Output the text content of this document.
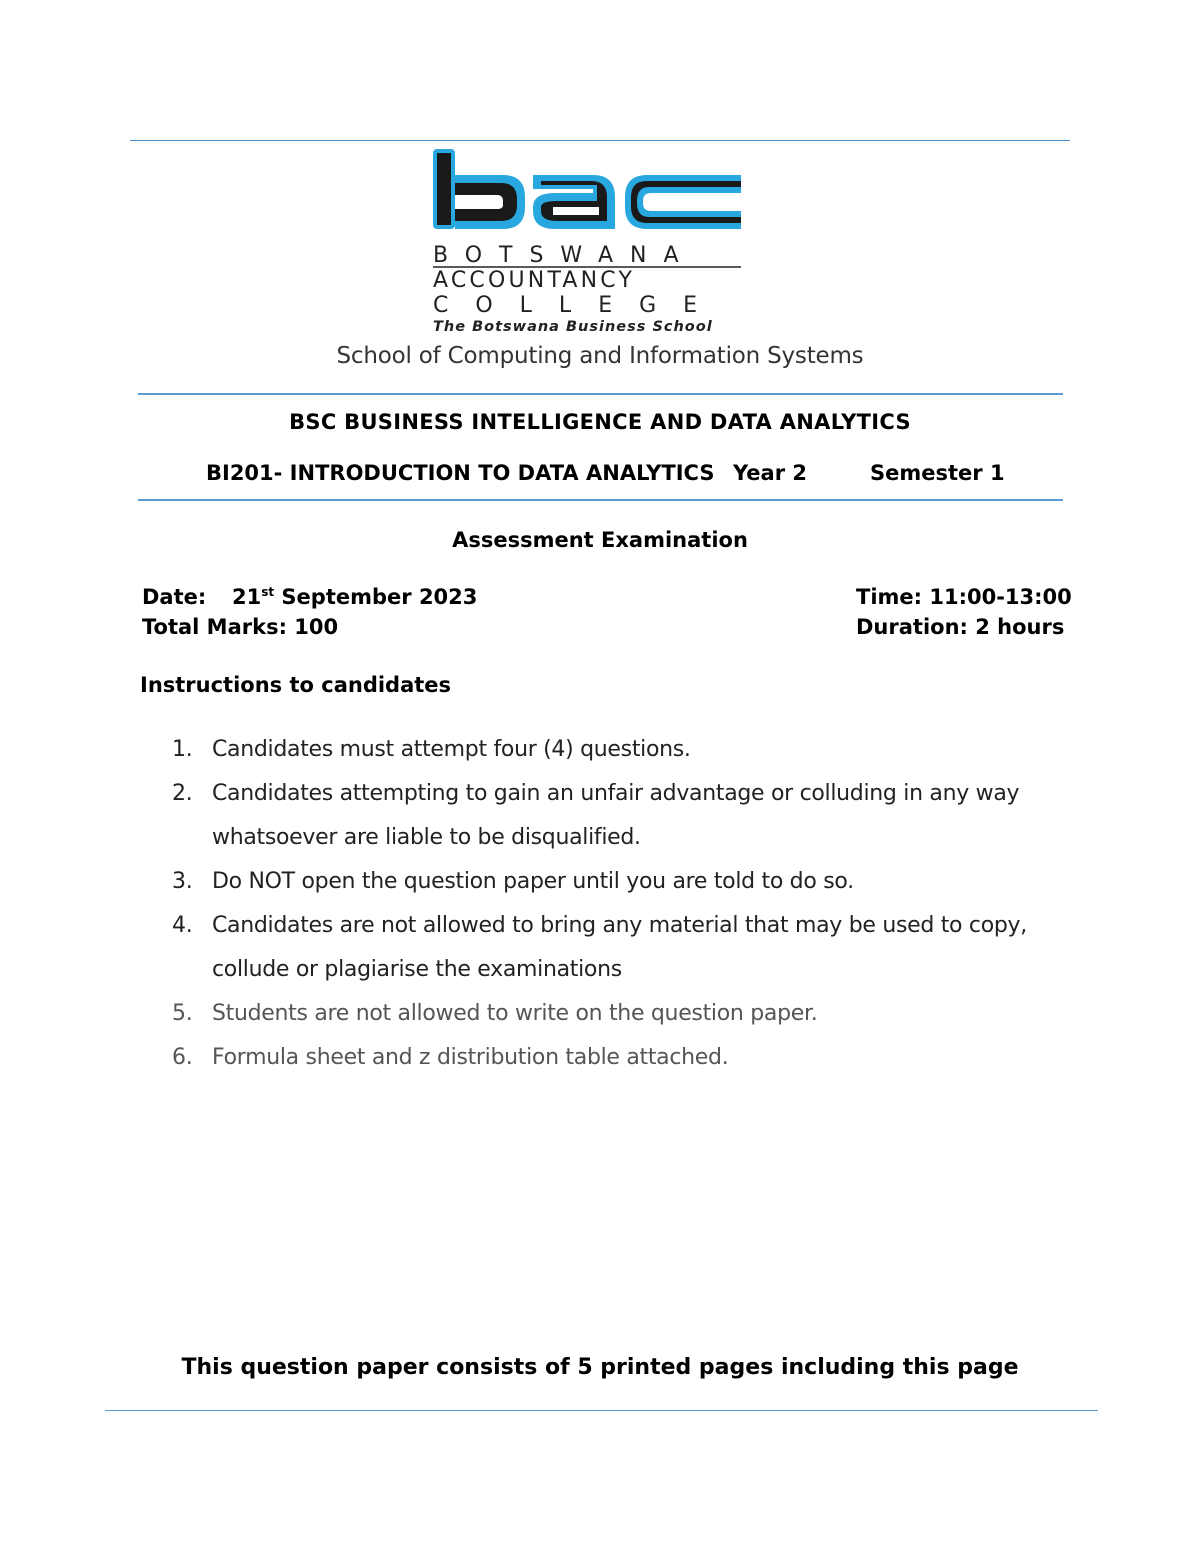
BOTSWANA
ACCOUNTANCY
COLLEGE
The Botswana Business School
School of Computing and Information Systems
BSC BUSINESS INTELLIGENCE AND DATA ANALYTICS
BI201- INTRODUCTION TO DATA ANALYTICS Year 2	Semester 1
Assessment Examination
Date: 21st September 2023
Total Marks: 100
Time: 11:00-13:00
Duration: 2 hours
Instructions to candidates
1. Candidates must attempt four (4) questions.
2. Candidates attempting to gain an unfair advantage or colluding in any way whatsoever are liable to be disqualified.
3. Do NOT open the question paper until you are told to do so.
4. Candidates are not allowed to bring any material that may be used to copy, collude or plagiarise the examinations
5. Students are not allowed to write on the question paper.
6. Formula sheet and z distribution table attached.
This question paper consists of 5 printed pages including this page
